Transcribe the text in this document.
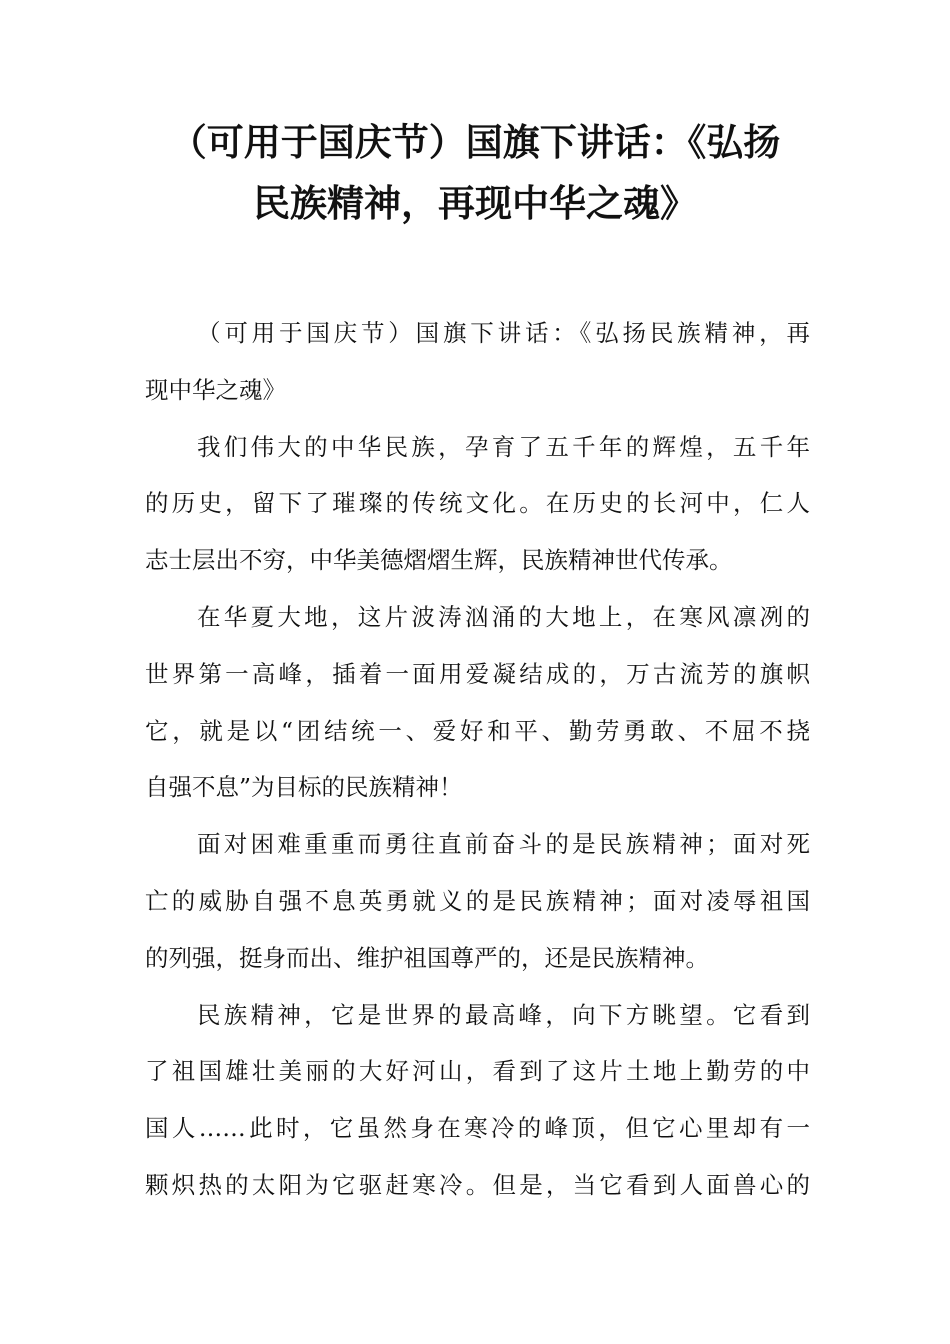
（可用于国庆节）国旗下讲话：《弘扬
民族精神，再现中华之魂》
（可用于国庆节）国旗下讲话：《弘扬民族精神，再
现中华之魂》
我们伟大的中华民族，孕育了五千年的辉煌，五千年
的历史，留下了璀璨的传统文化。在历史的长河中，仁人
志士层出不穷，中华美德熠熠生辉，民族精神世代传承。
在华夏大地，这片波涛汹涌的大地上，在寒风凛冽的
世界第一高峰，插着一面用爱凝结成的，万古流芳的旗帜
它，就是以“团结统一、爱好和平、勤劳勇敢、不屈不挠
自强不息”为目标的民族精神！
面对困难重重而勇往直前奋斗的是民族精神；面对死
亡的威胁自强不息英勇就义的是民族精神；面对凌辱祖国
的列强，挺身而出、维护祖国尊严的，还是民族精神。
民族精神，它是世界的最高峰，向下方眺望。它看到
了祖国雄壮美丽的大好河山，看到了这片土地上勤劳的中
国人……此时，它虽然身在寒冷的峰顶，但它心里却有一
颗炽热的太阳为它驱赶寒冷。但是，当它看到人面兽心的
